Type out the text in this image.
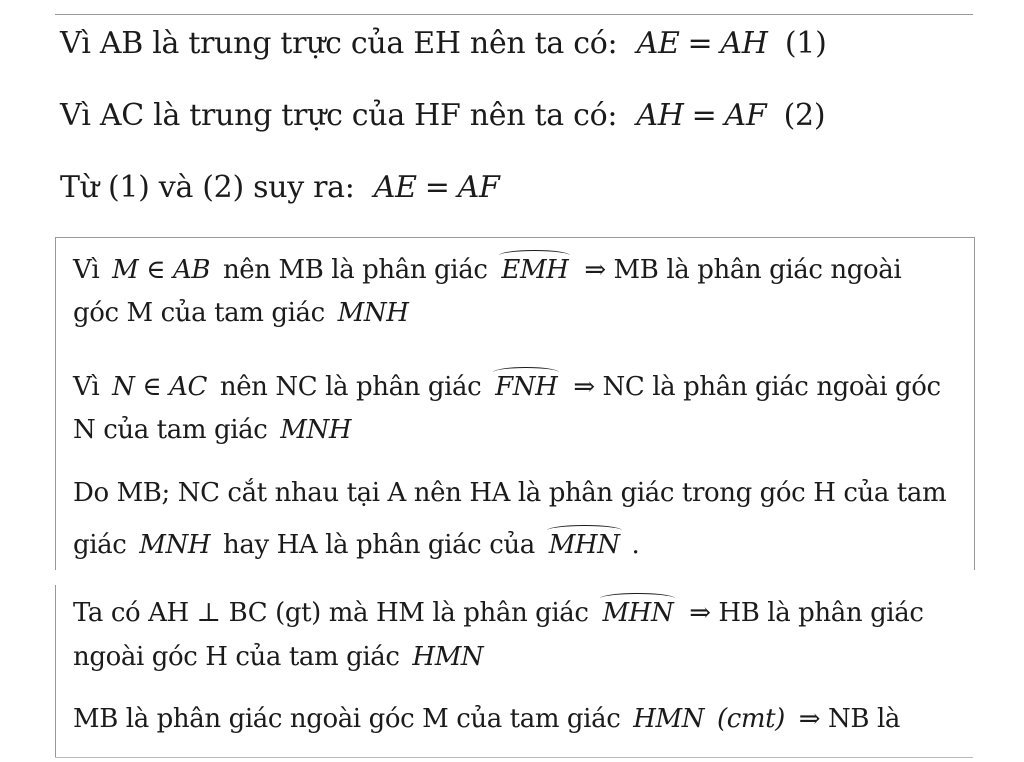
Vì AB là trung trực của EH nên ta có: AE = AH (1)
Vì AC là trung trực của HF nên ta có: AH = AF (2)
Từ (1) và (2) suy ra: AE = AF
Vì M ∈ AB nên MB là phân giác EMH ⇒ MB là phân giác ngoài
góc M của tam giác MNH
Vì N ∈ AC nên NC là phân giác FNH ⇒ NC là phân giác ngoài góc
N của tam giác MNH
Do MB; NC cắt nhau tại A nên HA là phân giác trong góc H của tam
giác MNH hay HA là phân giác của MHN .
Ta có AH ⊥ BC (gt) mà HM là phân giác MHN ⇒ HB là phân giác
ngoài góc H của tam giác HMN
MB là phân giác ngoài góc M của tam giác HMN (cmt) ⇒ NB là
